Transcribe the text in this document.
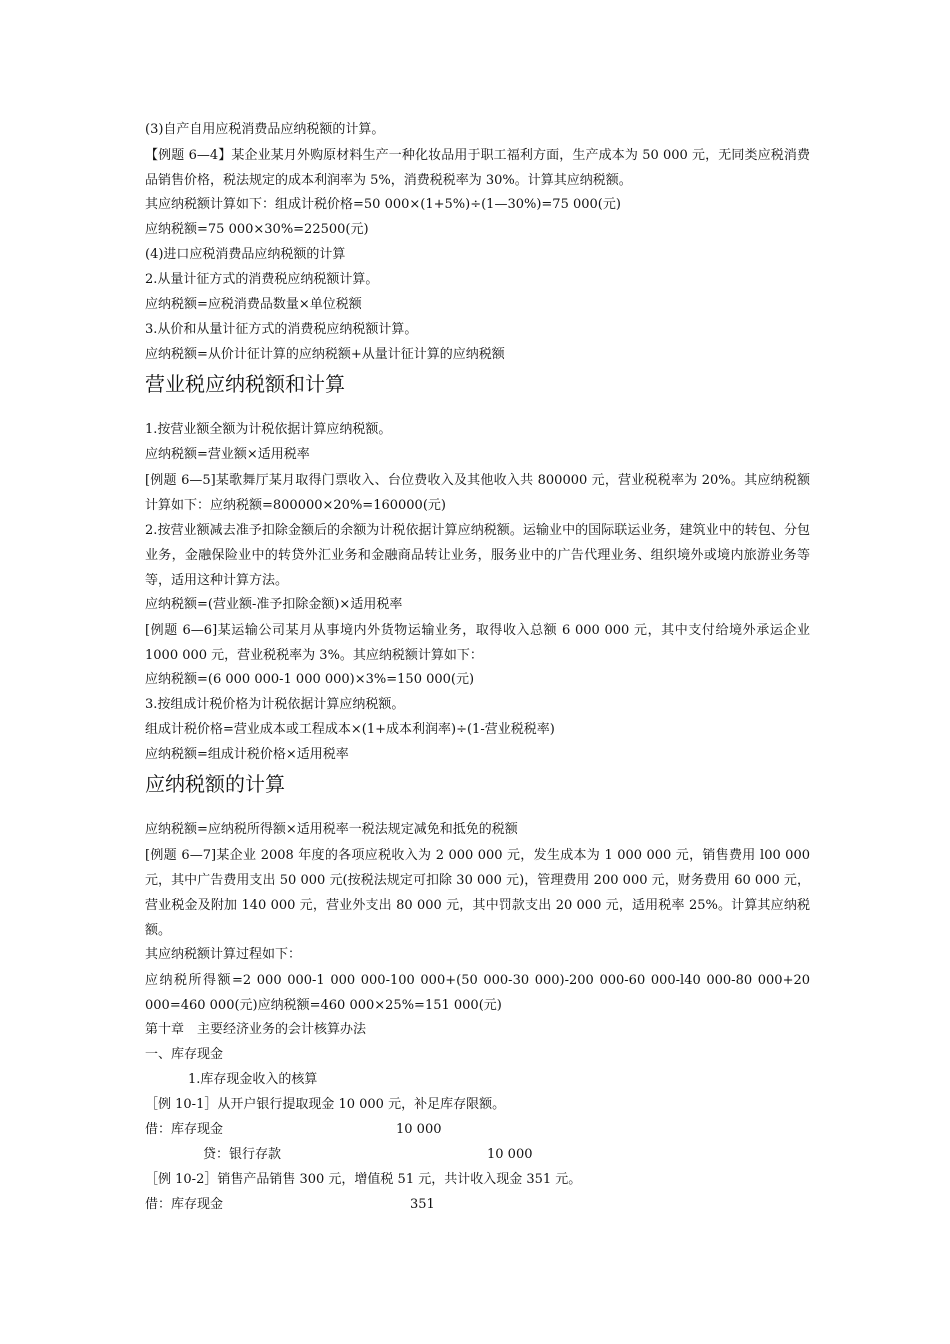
(3)自产自用应税消费品应纳税额的计算。
【例题 6—4】某企业某月外购原材料生产一种化妆品用于职工福利方面，生产成本为 50 000 元，无同类应税消费品销售价格，税法规定的成本利润率为 5%，消费税税率为 30%。计算其应纳税额。
其应纳税额计算如下：组成计税价格=50 000×(1+5%)÷(1—30%)=75 000(元)
应纳税额=75 000×30%=22500(元)
(4)进口应税消费品应纳税额的计算
2.从量计征方式的消费税应纳税额计算。
应纳税额=应税消费品数量×单位税额
3.从价和从量计征方式的消费税应纳税额计算。
应纳税额=从价计征计算的应纳税额+从量计征计算的应纳税额
营业税应纳税额和计算
1.按营业额全额为计税依据计算应纳税额。
应纳税额=营业额×适用税率
[例题 6—5]某歌舞厅某月取得门票收入、台位费收入及其他收入共 800000 元，营业税税率为 20%。其应纳税额计算如下：应纳税额=800000×20%=160000(元)
2.按营业额减去准予扣除金额后的余额为计税依据计算应纳税额。运输业中的国际联运业务，建筑业中的转包、分包业务，金融保险业中的转贷外汇业务和金融商品转让业务，服务业中的广告代理业务、组织境外或境内旅游业务等等，适用这种计算方法。
应纳税额=(营业额-准予扣除金额)×适用税率
[例题 6—6]某运输公司某月从事境内外货物运输业务，取得收入总额 6 000 000 元，其中支付给境外承运企业 1000 000 元，营业税税率为 3%。其应纳税额计算如下：
应纳税额=(6 000 000-1 000 000)×3%=150 000(元)
3.按组成计税价格为计税依据计算应纳税额。
组成计税价格=营业成本或工程成本×(1+成本利润率)÷(1-营业税税率)
应纳税额=组成计税价格×适用税率
应纳税额的计算
应纳税额=应纳税所得额×适用税率一税法规定减免和抵免的税额
[例题 6—7]某企业 2008 年度的各项应税收入为 2 000 000 元，发生成本为 1 000 000 元，销售费用 l00 000 元，其中广告费用支出 50 000 元(按税法规定可扣除 30 000 元)，管理费用 200 000 元，财务费用 60 000 元，营业税金及附加 140 000 元，营业外支出 80 000 元，其中罚款支出 20 000 元，适用税率 25%。计算其应纳税额。
其应纳税额计算过程如下：
应纳税所得额=2 000 000-1 000 000-100 000+(50 000-30 000)-200 000-60 000-l40 000-80 000+20 000=460 000(元)应纳税额=460 000×25%=151 000(元)
第十章　主要经济业务的会计核算办法
一、库存现金
1.库存现金收入的核算
［例 10-1］从开户银行提取现金 10 000 元，补足库存限额。
借：库存现金	10 000
贷：银行存款	10 000
［例 10-2］销售产品销售 300 元，增值税 51 元，共计收入现金 351 元。
借：库存现金	351
